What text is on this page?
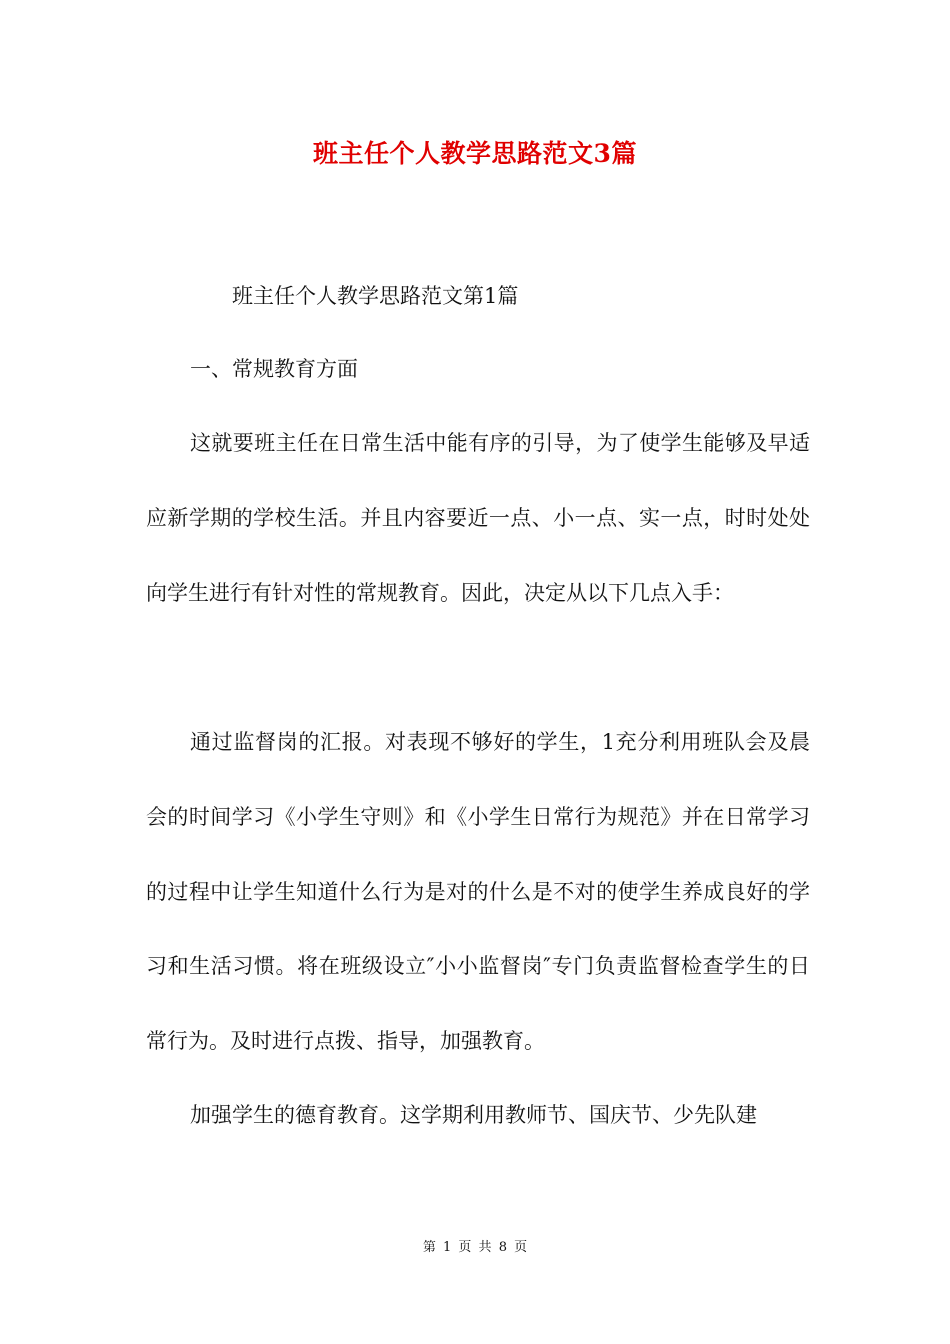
班主任个人教学思路范文3篇

班主任个人教学思路范文第1篇

一、常规教育方面

这就要班主任在日常生活中能有序的引导，为了使学生能够及早适应新学期的学校生活。并且内容要近一点、小一点、实一点，时时处处向学生进行有针对性的常规教育。因此，决定从以下几点入手：

通过监督岗的汇报。对表现不够好的学生，1充分利用班队会及晨会的时间学习《小学生守则》和《小学生日常行为规范》并在日常学习的过程中让学生知道什么行为是对的什么是不对的使学生养成良好的学习和生活习惯。将在班级设立″小小监督岗″专门负责监督检查学生的日常行为。及时进行点拨、指导，加强教育。

加强学生的德育教育。这学期利用教师节、国庆节、少先队建

第 1 页 共 8 页
